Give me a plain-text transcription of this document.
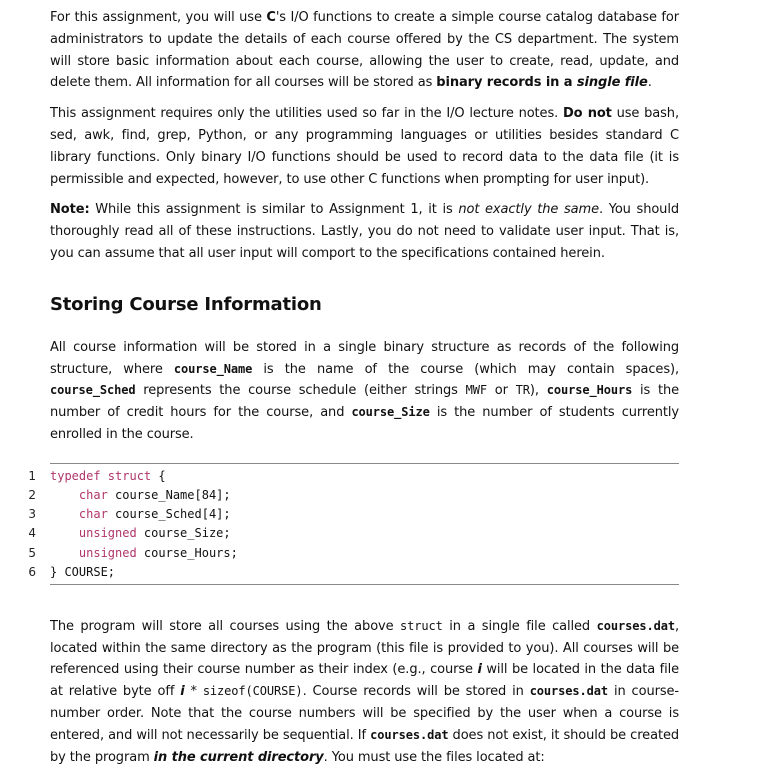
For this assignment, you will use C's I/O functions to create a simple course catalog database for administrators to update the details of each course offered by the CS department. The system will store basic information about each course, allowing the user to create, read, update, and delete them. All information for all courses will be stored as binary records in a single file.

This assignment requires only the utilities used so far in the I/O lecture notes. Do not use bash, sed, awk, find, grep, Python, or any programming languages or utilities besides standard C library functions. Only binary I/O functions should be used to record data to the data file (it is permissible and expected, however, to use other C functions when prompting for user input).

Note: While this assignment is similar to Assignment 1, it is not exactly the same. You should thoroughly read all of these instructions. Lastly, you do not need to validate user input. That is, you can assume that all user input will comport to the specifications contained herein.

Storing Course Information

All course information will be stored in a single binary structure as records of the following structure, where course_Name is the name of the course (which may contain spaces), course_Sched represents the course schedule (either strings MWF or TR), course_Hours is the number of credit hours for the course, and course_Size is the number of students currently enrolled in the course.

1 typedef struct {
2	char course_Name[84];
3	char course_Sched[4];
4	unsigned course_Size;
5	unsigned course_Hours;
6 } COURSE;

The program will store all courses using the above struct in a single file called courses.dat, located within the same directory as the program (this file is provided to you). All courses will be referenced using their course number as their index (e.g., course i will be located in the data file at relative byte off i * sizeof(COURSE). Course records will be stored in courses.dat in course-number order. Note that the course numbers will be specified by the user when a course is entered, and will not necessarily be sequential. If courses.dat does not exist, it should be created by the program in the current directory. You must use the files located at:
